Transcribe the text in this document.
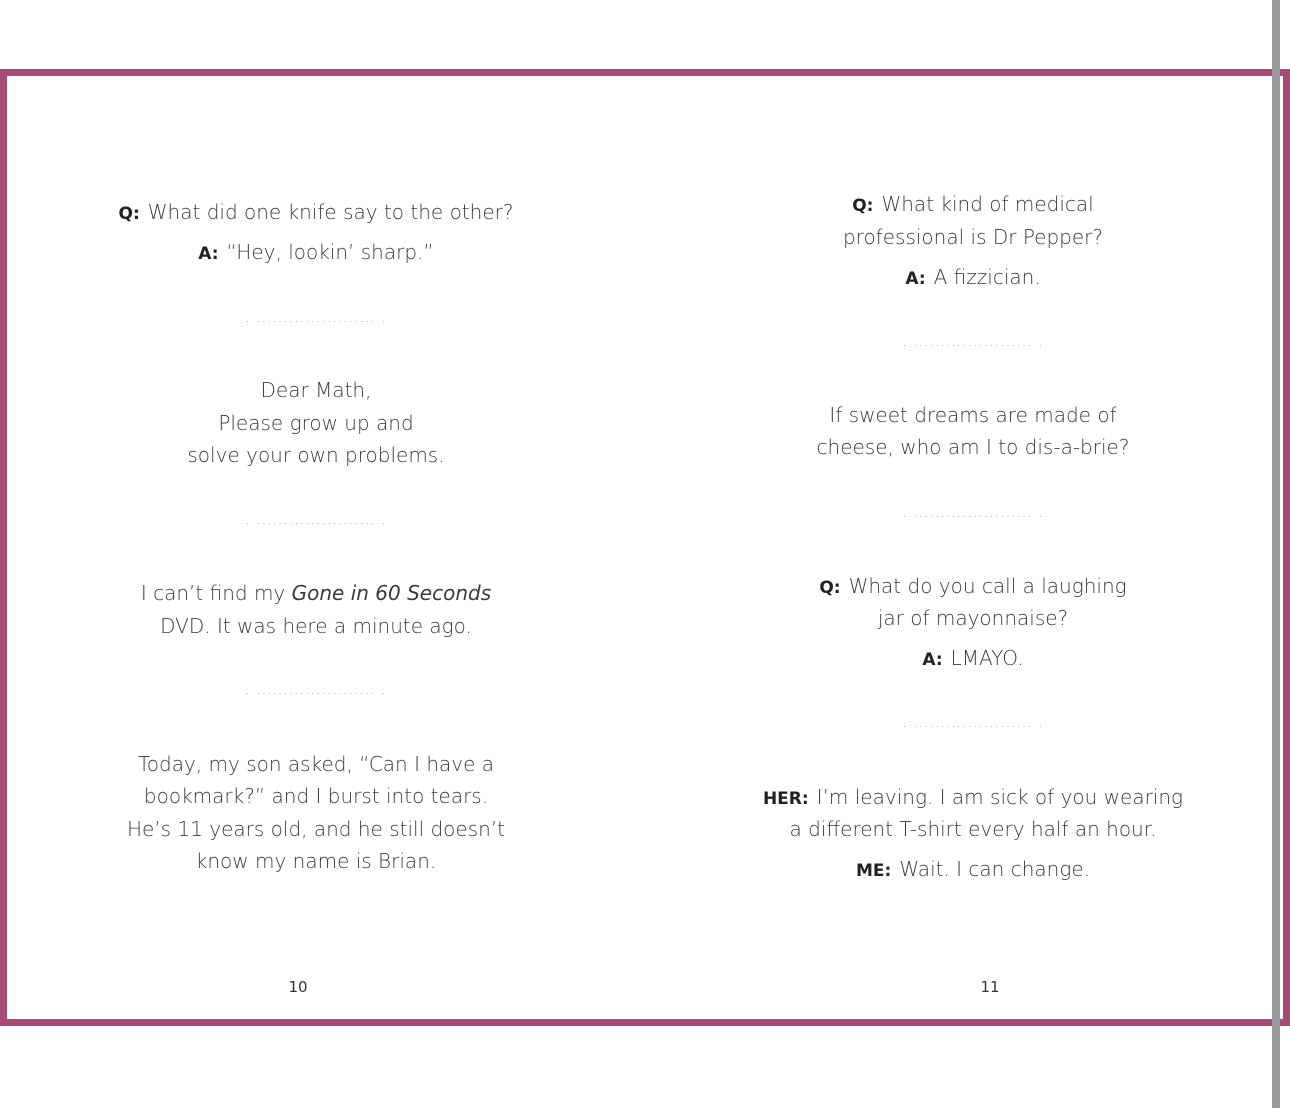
Q: What did one knife say to the other?
A: “Hey, lookin’ sharp.”
. ...................... .
Dear Math,
Please grow up and
solve your own problems.
. ...................... .
I can’t find my Gone in 60 Seconds
DVD. It was here a minute ago.
. ...................... .
Today, my son asked, “Can I have a
bookmark?” and I burst into tears.
He’s 11 years old, and he still doesn’t
know my name is Brian.
10
Q: What kind of medical
professional is Dr Pepper?
A: A fizzician.
. ...................... .
If sweet dreams are made of
cheese, who am I to dis-a-brie?
. ...................... .
Q: What do you call a laughing
jar of mayonnaise?
A: LMAYO.
. ...................... .
HER: I’m leaving. I am sick of you wearing
a different T-shirt every half an hour.
ME: Wait. I can change.
11
